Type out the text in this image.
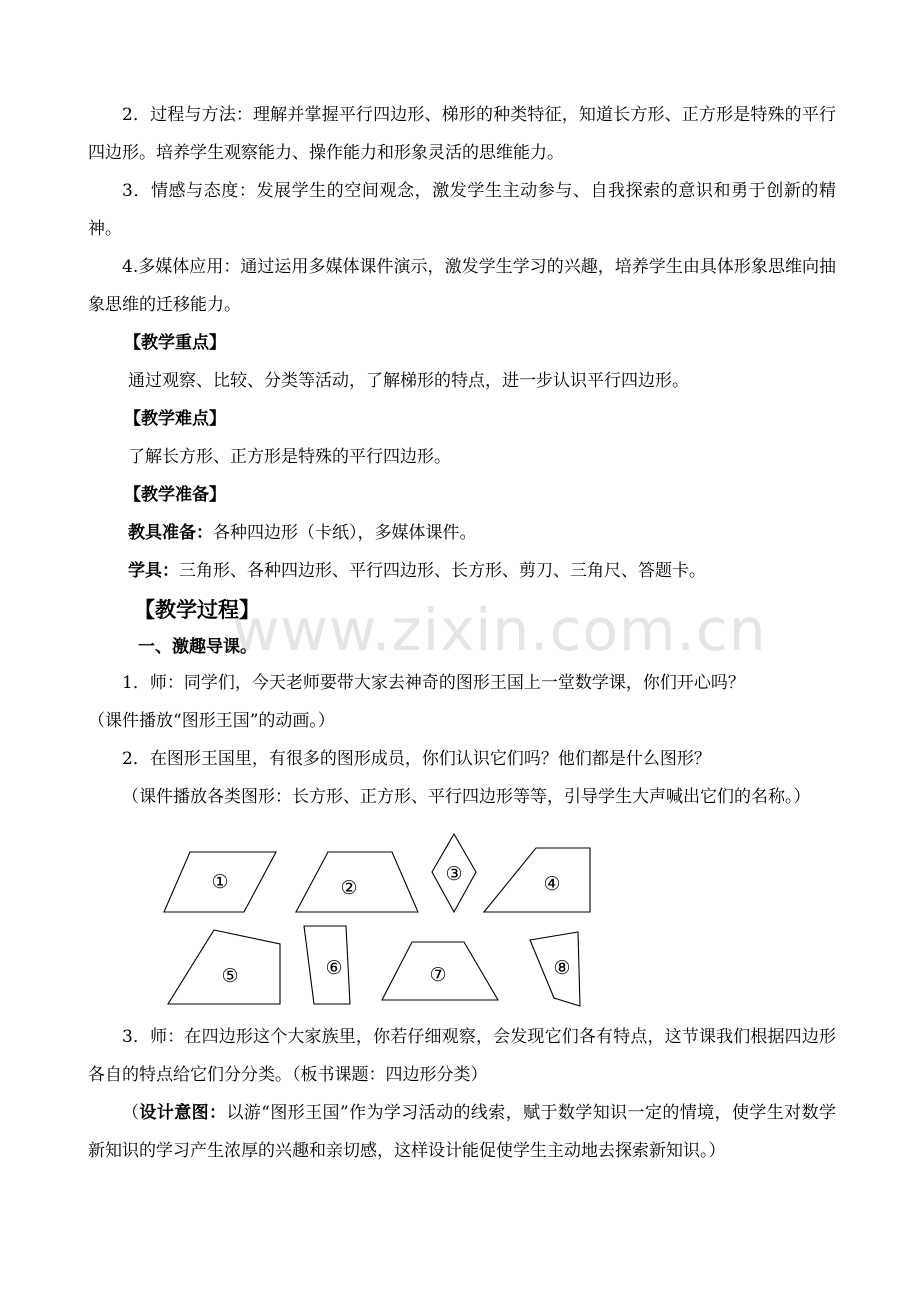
2．过程与方法：理解并掌握平行四边形、梯形的种类特征，知道长方形、正方形是特殊的平行四边形。培养学生观察能力、操作能力和形象灵活的思维能力。

3．情感与态度：发展学生的空间观念，激发学生主动参与、自我探索的意识和勇于创新的精神。

4.多媒体应用：通过运用多媒体课件演示，激发学生学习的兴趣，培养学生由具体形象思维向抽象思维的迁移能力。

【教学重点】

通过观察、比较、分类等活动，了解梯形的特点，进一步认识平行四边形。

【教学难点】

了解长方形、正方形是特殊的平行四边形。

【教学准备】

教具准备：各种四边形（卡纸），多媒体课件。

学具：三角形、各种四边形、平行四边形、长方形、剪刀、三角尺、答题卡。

【教学过程】

一、激趣导课。

1．师：同学们，今天老师要带大家去神奇的图形王国上一堂数学课，你们开心吗？

（课件播放“图形王国”的动画。）

2．在图形王国里，有很多的图形成员，你们认识它们吗？他们都是什么图形？

（课件播放各类图形：长方形、正方形、平行四边形等等，引导学生大声喊出它们的名称。）

①	②
③	④
⑤	⑥	⑦	⑧

3．师：在四边形这个大家族里，你若仔细观察，会发现它们各有特点，这节课我们根据四边形各自的特点给它们分分类。（板书课题：四边形分类）

（设计意图：以游“图形王国”作为学习活动的线索，赋于数学知识一定的情境，使学生对数学新知识的学习产生浓厚的兴趣和亲切感，这样设计能促使学生主动地去探索新知识。）

www.zixin.com.cn
